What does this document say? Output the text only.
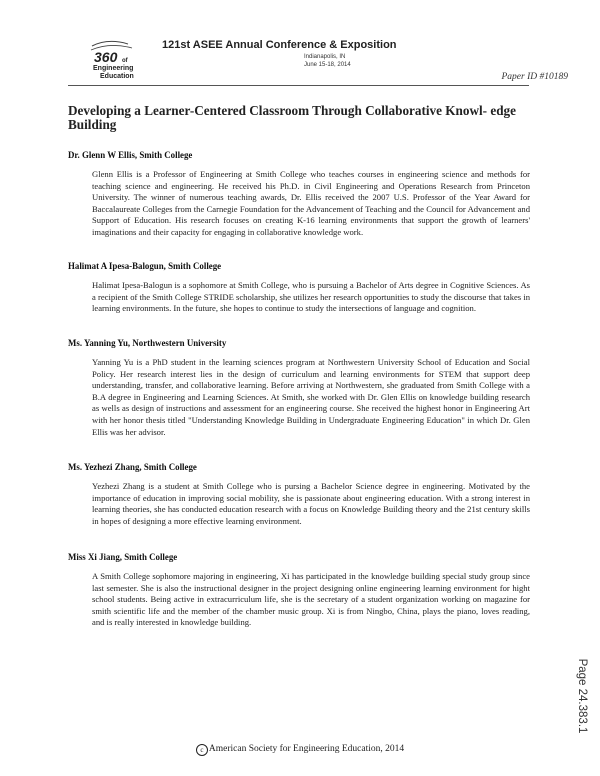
360 of
Engineering
Education
121st ASEE Annual Conference & Exposition
Indianapolis, IN
June 15-18, 2014
Paper ID #10189
Developing a Learner-Centered Classroom Through Collaborative Knowl- edge Building

Dr. Glenn W Ellis, Smith College

Glenn Ellis is a Professor of Engineering at Smith College who teaches courses in engineering science and methods for teaching science and engineering. He received his Ph.D. in Civil Engineering and Operations Research from Princeton University. The winner of numerous teaching awards, Dr. Ellis received the 2007 U.S. Professor of the Year Award for Baccalaureate Colleges from the Carnegie Foundation for the Advancement of Teaching and the Council for Advancement and Support of Education. His research focuses on creating K-16 learning environments that support the growth of learners' imaginations and their capacity for engaging in collaborative knowledge work.

Halimat A Ipesa-Balogun, Smith College

Halimat Ipesa-Balogun is a sophomore at Smith College, who is pursuing a Bachelor of Arts degree in Cognitive Sciences. As a recipient of the Smith College STRIDE scholarship, she utilizes her research opportunities to study the discourse that takes in learning environments. In the future, she hopes to continue to study the intersections of language and cognition.

Ms. Yanning Yu, Northwestern University

Yanning Yu is a PhD student in the learning sciences program at Northwestern University School of Education and Social Policy. Her research interest lies in the design of curriculum and learning environments for STEM that support deep understanding, transfer, and collaborative learning. Before arriving at Northwestern, she graduated from Smith College with a B.A degree in Engineering and Learning Sciences. At Smith, she worked with Dr. Glen Ellis on knowledge building research as wells as design of instructions and assessment for an engineering course. She received the highest honor in Engineering Art with her honor thesis titled "Understanding Knowledge Building in Undergraduate Engineering Education" in which Dr. Glen Ellis was her advisor.

Ms. Yezhezi Zhang, Smith College

Yezhezi Zhang is a student at Smith College who is pursing a Bachelor Science degree in engineering. Motivated by the importance of education in improving social mobility, she is passionate about engineering education. With a strong interest in learning theories, she has conducted education research with a focus on Knowledge Building theory and the 21st century skills in hopes of designing a more effective learning environment.

Miss Xi Jiang, Smith College

A Smith College sophomore majoring in engineering, Xi has participated in the knowledge building special study group since last semester. She is also the instructional designer in the project designing online engineering learning environment for hight school students. Being active in extracurriculum life, she is the secretary of a student organization working on magazine for smith scientific life and the member of the chamber music group. Xi is from Ningbo, China, plays the piano, loves reading, and is really interested in knowledge building.

Page 24.383.1
c American Society for Engineering Education, 2014
